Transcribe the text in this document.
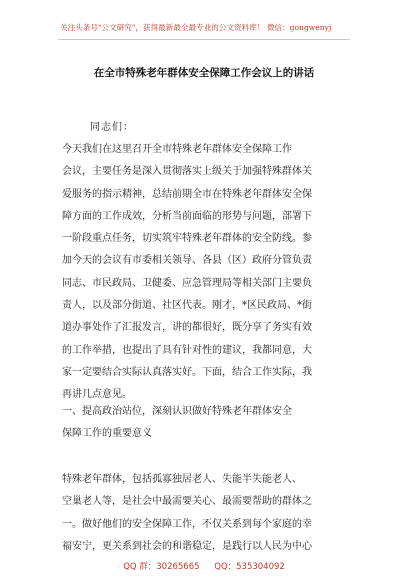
关注头条号"公文研究"，获得最新最全最专业的公文资料库！ 微信：gongwenyj
在全市特殊老年群体安全保障工作会议上的讲话
同志们：
今天我们在这里召开全市特殊老年群体安全保障工作
会议，主要任务是深入贯彻落实上级关于加强特殊群体关
爱服务的指示精神，总结前期全市在特殊老年群体安全保
障方面的工作成效，分析当前面临的形势与问题，部署下
一阶段重点任务，切实筑牢特殊老年群体的安全防线。参
加今天的会议有市委相关领导、各县（区）政府分管负责
同志、市民政局、卫健委、应急管理局等相关部门主要负
责人，以及部分街道、社区代表。刚才，*区民政局、*街
道办事处作了汇报发言，讲的都很好，既分享了务实有效
的工作举措，也提出了具有针对性的建议，我都同意，大
家一定要结合实际认真落实好。下面，结合工作实际，我
再讲几点意见。
一、提高政治站位，深刻认识做好特殊老年群体安全
保障工作的重要意义
特殊老年群体，包括孤寡独居老人、失能半失能老人、
空巢老人等，是社会中最需要关心、最需要帮助的群体之
一。做好他们的安全保障工作，不仅关系到每个家庭的幸
福安宁，更关系到社会的和谐稳定，是践行以人民为中心
QQ 群：30265665 QQ：535304092
